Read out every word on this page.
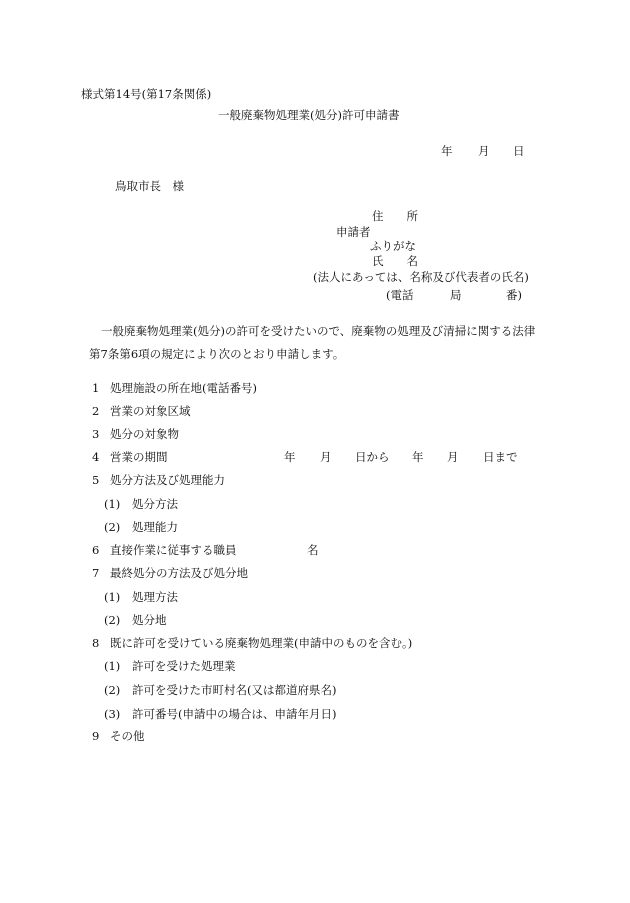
様式第14号(第17条関係)
一般廃棄物処理業(処分)許可申請書
年 月 日
鳥取市長　様
住　　所
申請者
ふりがな
氏　　名
(法人にあっては、名称及び代表者の氏名)
(電話	局	番)
一般廃棄物処理業(処分)の許可を受けたいので、廃棄物の処理及び清掃に関する法律
第7条第6項の規定により次のとおり申請します。
1 処理施設の所在地(電話番号)
2 営業の対象区域
3 処分の対象物
4 営業の期間	年 月 日から 年 月 日まで
5 処分方法及び処理能力
(1) 処分方法
(2) 処理能力
6 直接作業に従事する職員	名
7 最終処分の方法及び処分地
(1) 処理方法
(2) 処分地
8 既に許可を受けている廃棄物処理業(申請中のものを含む。)
(1) 許可を受けた処理業
(2) 許可を受けた市町村名(又は都道府県名)
(3) 許可番号(申請中の場合は、申請年月日)
9 その他
